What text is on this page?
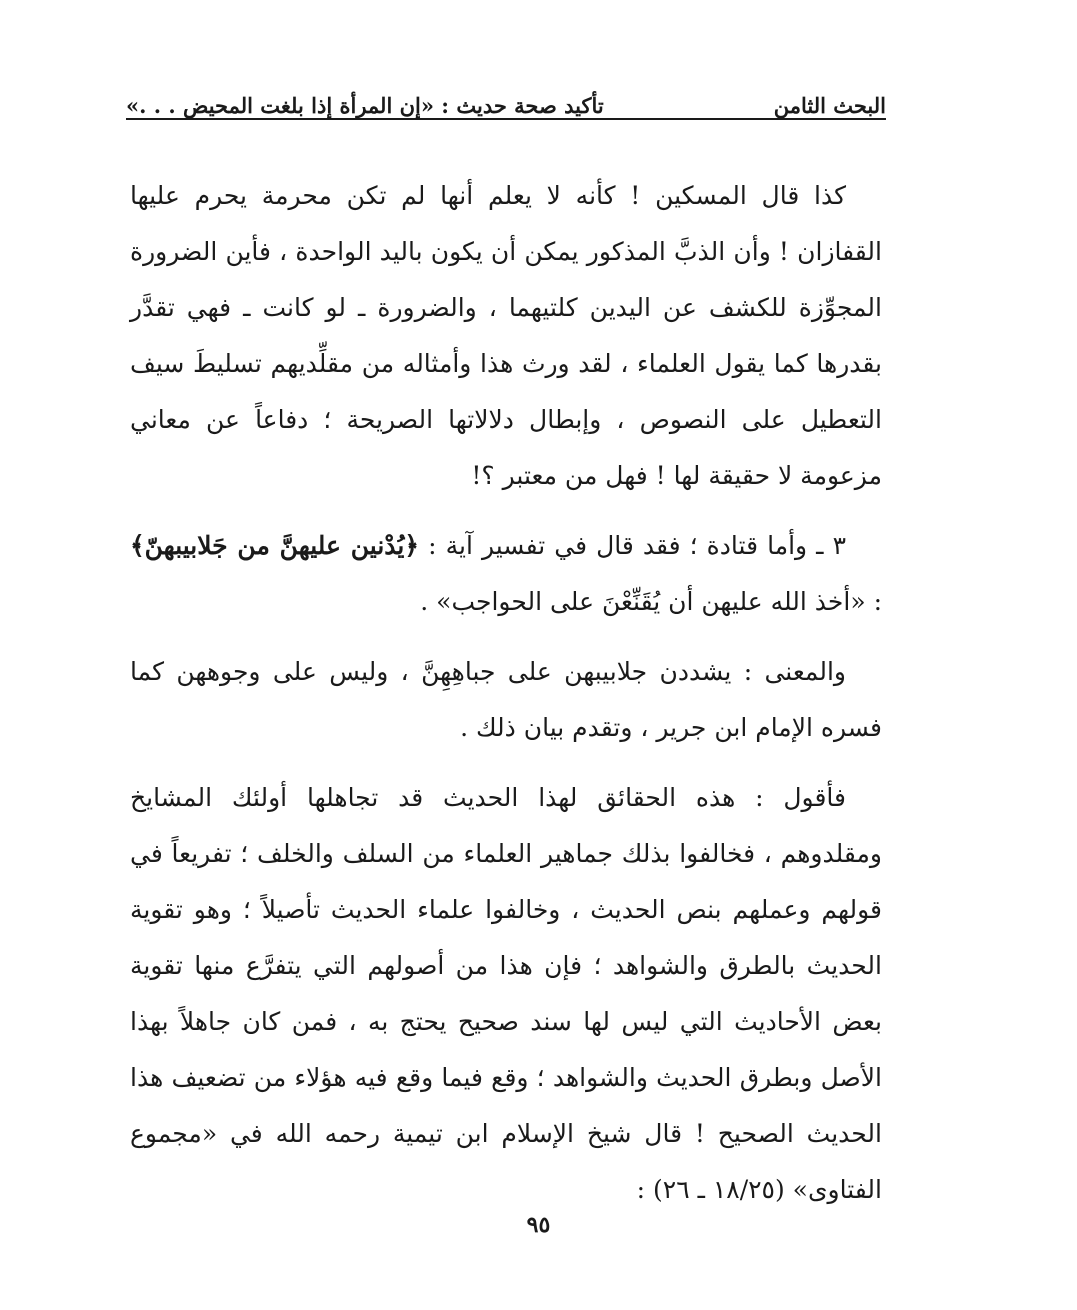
البحث الثامن
تأكيد صحة حديث : «إن المرأة إذا بلغت المحيض . . .»

كذا قال المسكين ! كأنه لا يعلم أنها لم تكن محرمة يحرم عليها القفازان ! وأن الذبَّ المذكور يمكن أن يكون باليد الواحدة ، فأين الضرورة المجوِّزة للكشف عن اليدين كلتيهما ، والضرورة ـ لو كانت ـ فهي تقدَّر بقدرها كما يقول العلماء ، لقد ورث هذا وأمثاله من مقلِّديهم تسليطَ سيف التعطيل على النصوص ، وإبطال دلالاتها الصريحة ؛ دفاعاً عن معاني مزعومة لا حقيقة لها ! فهل من معتبر ؟!

٣ ـ وأما قتادة ؛ فقد قال في تفسير آية : ﴿يُدْنين عليهنَّ من جَلابيبهنّ﴾ : «أخذ الله عليهن أن يُقَنِّعْنَ على الحواجب» .

والمعنى : يشددن جلابيبهن على جباهِهِنَّ ، وليس على وجوههن كما فسره الإمام ابن جرير ، وتقدم بيان ذلك .

فأقول : هذه الحقائق لهذا الحديث قد تجاهلها أولئك المشايخ ومقلدوهم ، فخالفوا بذلك جماهير العلماء من السلف والخلف ؛ تفريعاً في قولهم وعملهم بنص الحديث ، وخالفوا علماء الحديث تأصيلاً ؛ وهو تقوية الحديث بالطرق والشواهد ؛ فإن هذا من أصولهم التي يتفرَّع منها تقوية بعض الأحاديث التي ليس لها سند صحيح يحتج به ، فمن كان جاهلاً بهذا الأصل وبطرق الحديث والشواهد ؛ وقع فيما وقع فيه هؤلاء من تضعيف هذا الحديث الصحيح ! قال شيخ الإسلام ابن تيمية رحمه الله في «مجموع الفتاوى» (١٨/٢٥ ـ ٢٦) :

٩٥
